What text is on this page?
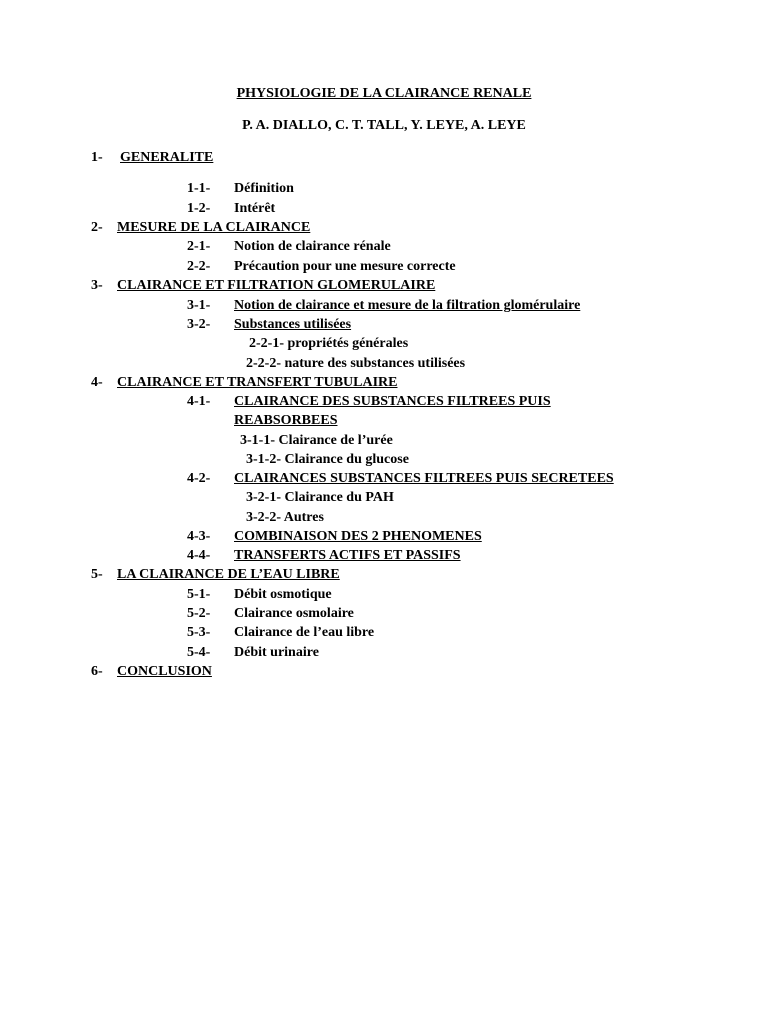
PHYSIOLOGIE DE LA CLAIRANCE RENALE
P. A. DIALLO, C. T. TALL, Y. LEYE, A. LEYE
1- GENERALITE
1-1- Définition
1-2- Intérêt
2- MESURE DE LA CLAIRANCE
2-1- Notion de clairance rénale
2-2- Précaution pour une mesure correcte
3- CLAIRANCE ET FILTRATION GLOMERULAIRE
3-1- Notion de clairance et mesure de la filtration glomérulaire
3-2- Substances utilisées
2-2-1- propriétés générales
2-2-2- nature des substances utilisées
4- CLAIRANCE ET TRANSFERT TUBULAIRE
4-1- CLAIRANCE DES SUBSTANCES FILTREES PUIS
REABSORBEES
3-1-1- Clairance de l’urée
3-1-2- Clairance du glucose
4-2- CLAIRANCES SUBSTANCES FILTREES PUIS SECRETEES
3-2-1- Clairance du PAH
3-2-2- Autres
4-3- COMBINAISON DES 2 PHENOMENES
4-4- TRANSFERTS ACTIFS ET PASSIFS
5- LA CLAIRANCE DE L’EAU LIBRE
5-1- Débit osmotique
5-2- Clairance osmolaire
5-3- Clairance de l’eau libre
5-4- Débit urinaire
6- CONCLUSION
